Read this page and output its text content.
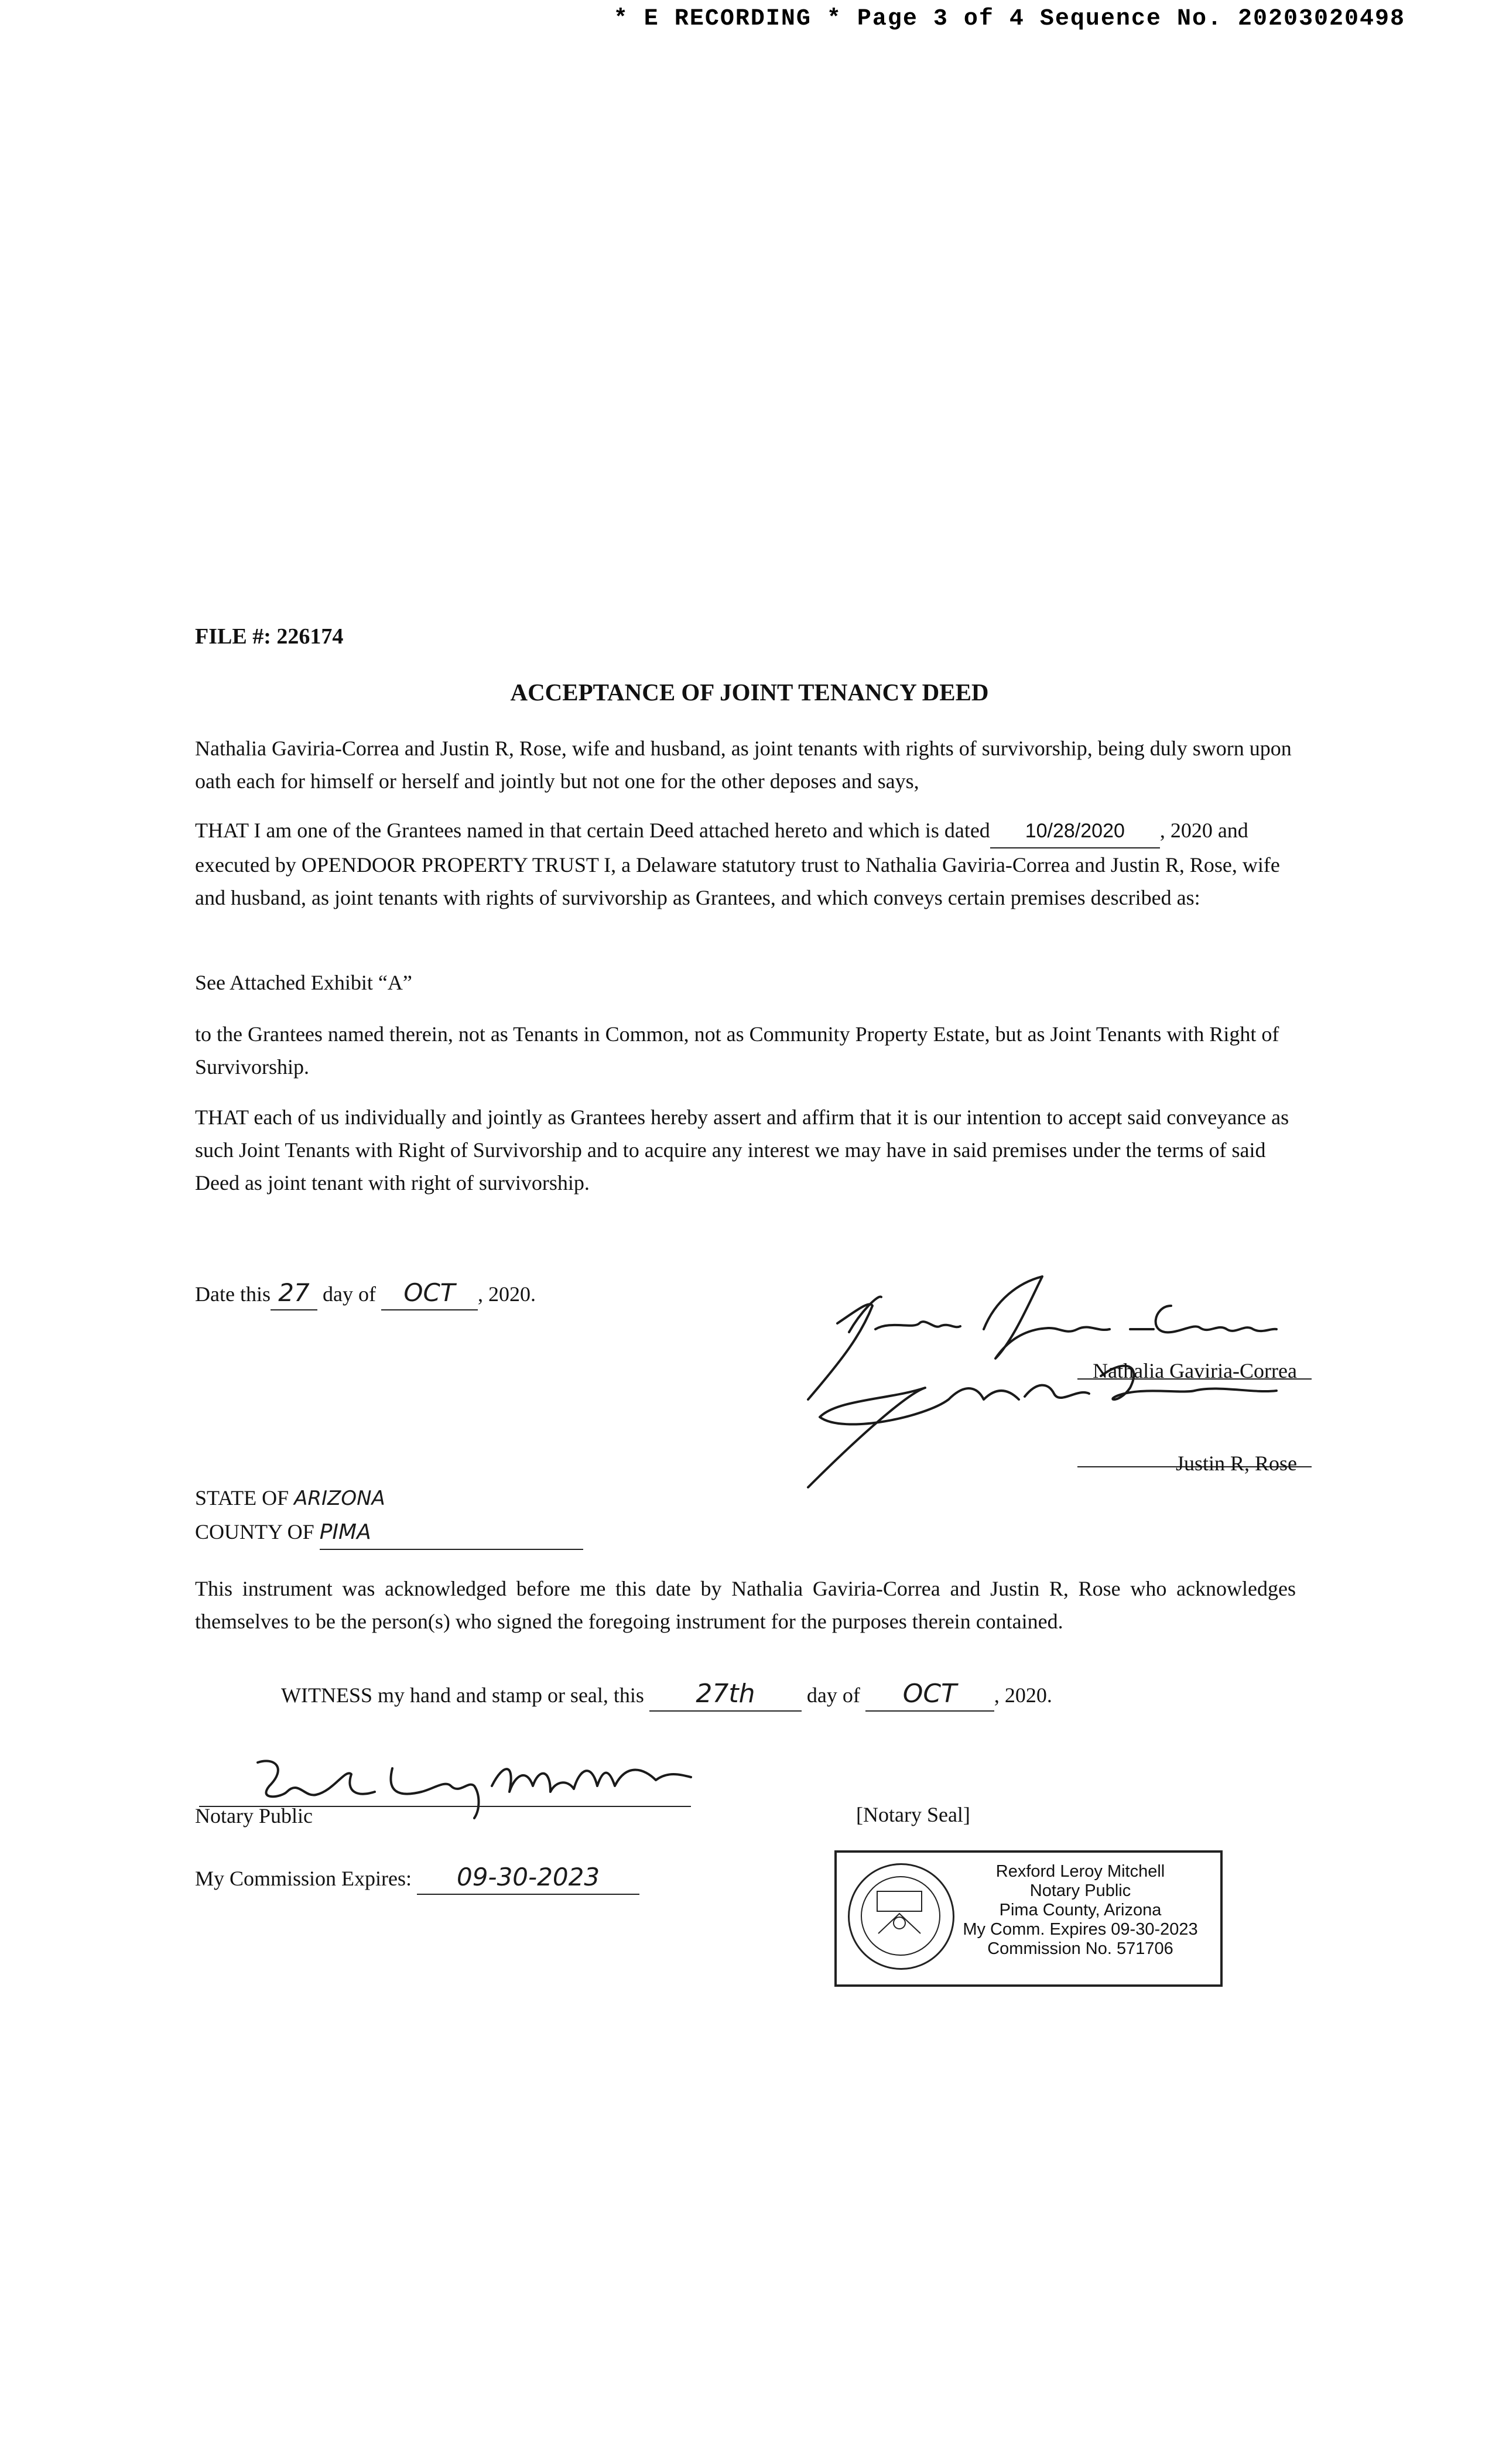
* E RECORDING * Page 3 of 4 Sequence No. 20203020498
FILE #: 226174
ACCEPTANCE OF JOINT TENANCY DEED
Nathalia Gaviria-Correa and Justin R, Rose, wife and husband, as joint tenants with rights of survivorship, being duly sworn upon oath each for himself or herself and jointly but not one for the other deposes and says,
THAT I am one of the Grantees named in that certain Deed attached hereto and which is dated 10/28/2020 , 2020 and executed by OPENDOOR PROPERTY TRUST I, a Delaware statutory trust to Nathalia Gaviria-Correa and Justin R, Rose, wife and husband, as joint tenants with rights of survivorship as Grantees, and which conveys certain premises described as:
See Attached Exhibit “A”
to the Grantees named therein, not as Tenants in Common, not as Community Property Estate, but as Joint Tenants with Right of Survivorship.
THAT each of us individually and jointly as Grantees hereby assert and affirm that it is our intention to accept said conveyance as such Joint Tenants with Right of Survivorship and to acquire any interest we may have in said premises under the terms of said Deed as joint tenant with right of survivorship.
Date this 27 day of OCT , 2020.
Nathalia Gaviria-Correa
Justin R, Rose
STATE OF ARIZONA
COUNTY OF PIMA
This instrument was acknowledged before me this date by Nathalia Gaviria-Correa and Justin R, Rose who acknowledges themselves to be the person(s) who signed the foregoing instrument for the purposes therein contained.
WITNESS my hand and stamp or seal, this 27th day of OCT , 2020.
Notary Public	[Notary Seal]
My Commission Expires: 09-30-2023	Rexford Leroy Mitchell
Notary Public
Pima County, Arizona
My Comm. Expires 09-30-2023
Commission No. 571706
